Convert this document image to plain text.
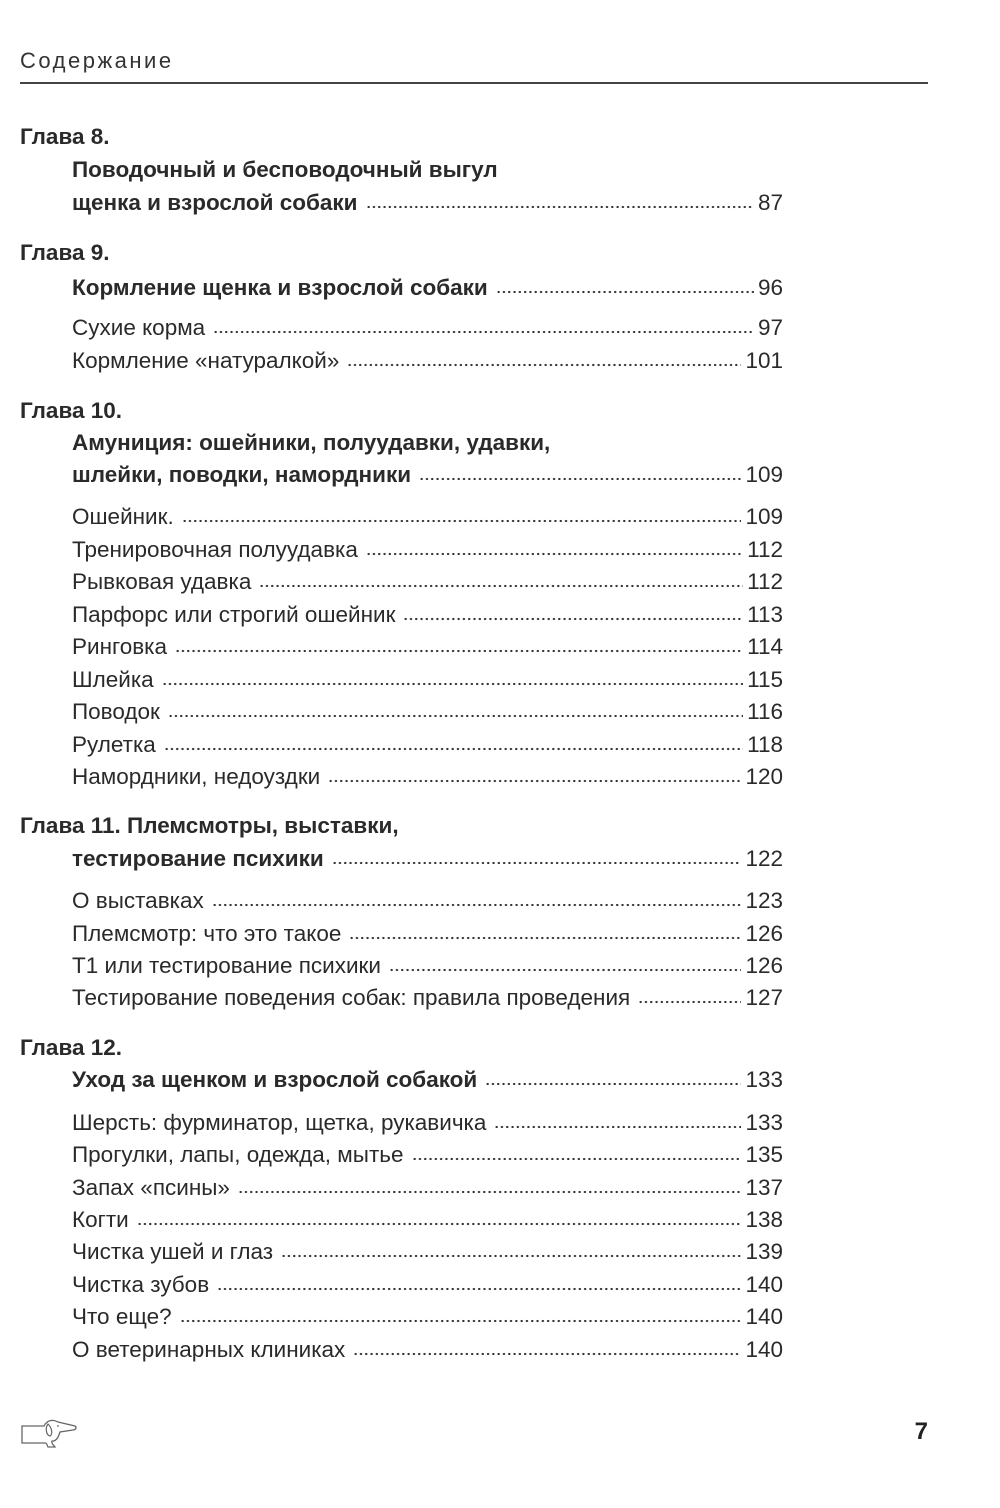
Содержание
Глава 8.
Поводочный и бесповодочный выгул
щенка и взрослой собаки	87
Глава 9.
Кормление щенка и взрослой собаки	96
Сухие корма	97
Кормление «натуралкой»	101
Глава 10.
Амуниция: ошейники, полуудавки, удавки,
шлейки, поводки, намордники	109
Ошейник.	109
Тренировочная полуудавка	112
Рывковая удавка	112
Парфорс или строгий ошейник	113
Ринговка	114
Шлейка	115
Поводок	116
Рулетка	118
Намордники, недоуздки	120
Глава 11.
Племсмотры, выставки,
тестирование психики	122
О выставках	123
Племсмотр: что это такое	126
Т1 или тестирование психики	126
Тестирование поведения собак: правила проведения	127
Глава 12.
Уход за щенком и взрослой собакой	133
Шерсть: фурминатор, щетка, рукавичка	133
Прогулки, лапы, одежда, мытье	135
Запах «псины»	137
Когти	138
Чистка ушей и глаз	139
Чистка зубов	140
Что еще?	140
О ветеринарных клиниках	140
7
